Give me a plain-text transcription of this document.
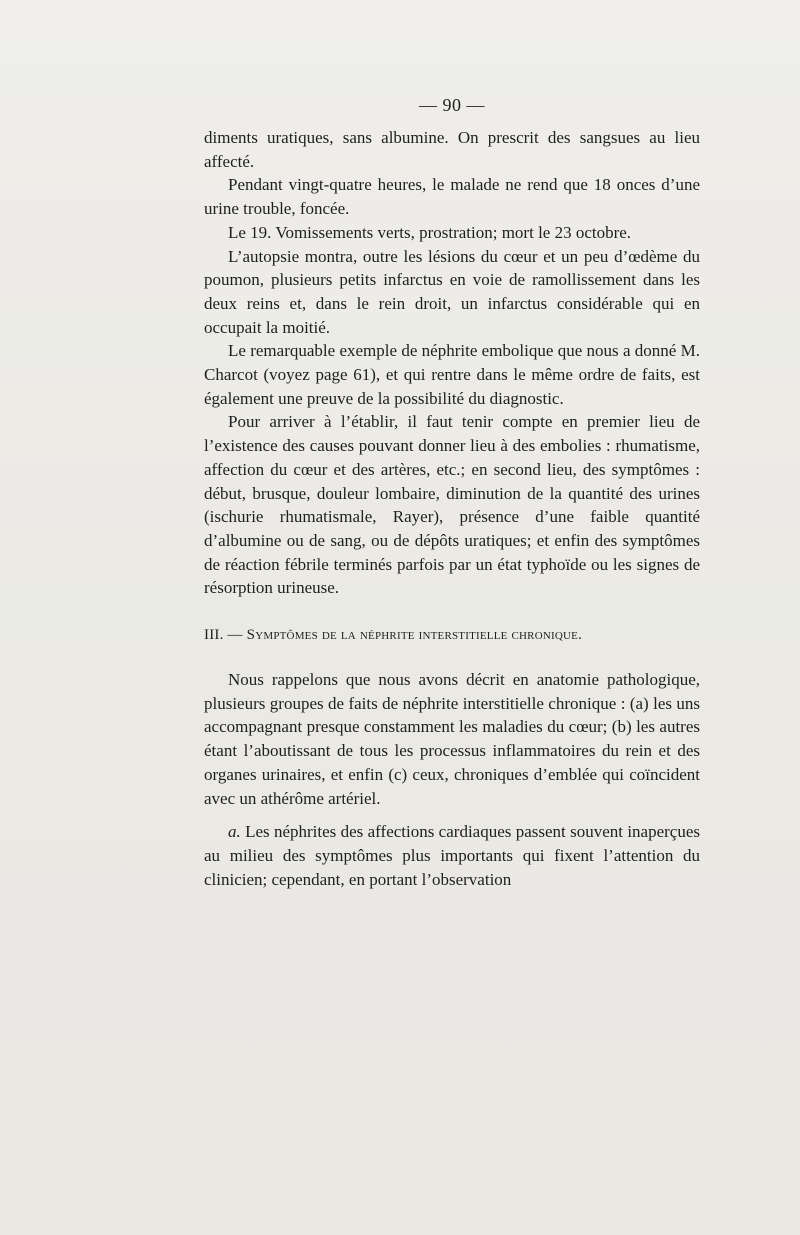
— 90 —

diments uratiques, sans albumine. On prescrit des sangsues au lieu affecté.

Pendant vingt-quatre heures, le malade ne rend que 18 onces d’une urine trouble, foncée.

Le 19. Vomissements verts, prostration; mort le 23 octobre.

L’autopsie montra, outre les lésions du cœur et un peu d’œdème du poumon, plusieurs petits infarctus en voie de ramollissement dans les deux reins et, dans le rein droit, un infarctus considérable qui en occupait la moitié.

Le remarquable exemple de néphrite embolique que nous a donné M. Charcot (voyez page 61), et qui rentre dans le même ordre de faits, est également une preuve de la possibilité du diagnostic.

Pour arriver à l’établir, il faut tenir compte en premier lieu de l’existence des causes pouvant donner lieu à des embolies : rhumatisme, affection du cœur et des artères, etc.; en second lieu, des symptômes : début, brusque, douleur lombaire, diminution de la quantité des urines (ischurie rhumatismale, Rayer), présence d’une faible quantité d’albumine ou de sang, ou de dépôts uratiques; et enfin des symptômes de réaction fébrile terminés parfois par un état typhoïde ou les signes de résorption urineuse.

III. — Symptômes de la néphrite interstitielle chronique.

Nous rappelons que nous avons décrit en anatomie pathologique, plusieurs groupes de faits de néphrite interstitielle chronique : (a) les uns accompagnant presque constamment les maladies du cœur; (b) les autres étant l’aboutissant de tous les processus inflammatoires du rein et des organes urinaires, et enfin (c) ceux, chroniques d’emblée qui coïncident avec un athérôme artériel.

a. Les néphrites des affections cardiaques passent souvent inaperçues au milieu des symptômes plus importants qui fixent l’attention du clinicien; cependant, en portant l’observation
